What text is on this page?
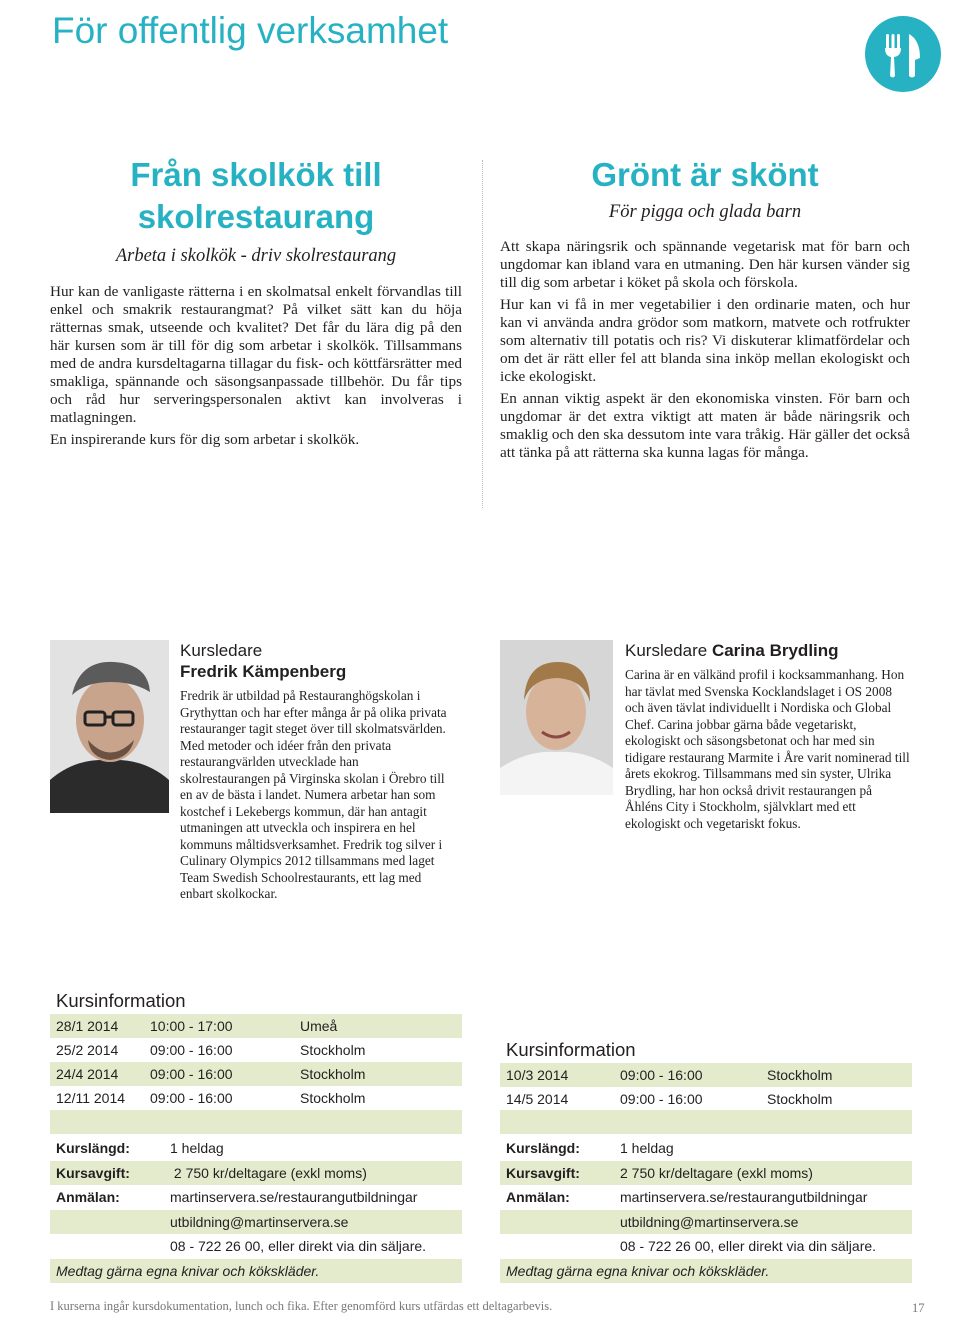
För offentlig verksamhet
Från skolkök till
skolrestaurang
Arbeta i skolkök - driv skolrestaurang

Hur kan de vanligaste rätterna i en skolmatsal enkelt förvandlas till enkel och smakrik restaurangmat? På vilket sätt kan du höja rätternas smak, utseende och kvalitet? Det får du lära dig på den här kursen som är till för dig som arbetar i skolkök. Tillsammans med de andra kursdeltagarna tillagar du fisk- och köttfärsrätter med smakliga, spännande och säsongsanpassade tillbehör. Du får tips och råd hur serveringspersonalen aktivt kan involveras i matlagningen.

En inspirerande kurs för dig som arbetar i skolkök.

Grönt är skönt
För pigga och glada barn

Att skapa näringsrik och spännande vegetarisk mat för barn och ungdomar kan ibland vara en utmaning. Den här kursen vänder sig till dig som arbetar i köket på skola och förskola.

Hur kan vi få in mer vegetabilier i den ordinarie maten, och hur kan vi använda andra grödor som matkorn, matvete och rotfrukter som alternativ till potatis och ris? Vi diskuterar klimatfördelar och om det är rätt eller fel att blanda sina inköp mellan ekologiskt och icke ekologiskt.

En annan viktig aspekt är den ekonomiska vinsten. För barn och ungdomar är det extra viktigt att maten är både näringsrik och smaklig och den ska dessutom inte vara tråkig. Här gäller det också att tänka på att rätterna ska kunna lagas för många.

Kursledare
Fredrik Kämpenberg
Fredrik är utbildad på Restauranghögskolan i Grythyttan och har efter många år på olika privata restauranger tagit steget över till skolmatsvärlden. Med metoder och idéer från den privata restaurangvärlden utvecklade han skolrestaurangen på Virginska skolan i Örebro till en av de bästa i landet. Numera arbetar han som kostchef i Lekebergs kommun, där han antagit utmaningen att utveckla och inspirera en hel kommuns måltidsverksamhet. Fredrik tog silver i Culinary Olympics 2012 tillsammans med laget Team Swedish Schoolrestaurants, ett lag med enbart skolkockar.
Kursledare Carina Brydling
Carina är en välkänd profil i kocksammanhang. Hon har tävlat med Svenska Kocklandslaget i OS 2008 och även tävlat individuellt i Nordiska och Global Chef. Carina jobbar gärna både vegetariskt, ekologiskt och säsongsbetonat och har med sin tidigare restaurang Marmite i Åre varit nominerad till årets ekokrog. Tillsammans med sin syster, Ulrika Brydling, har hon också drivit restaurangen på Åhléns City i Stockholm, självklart med ett ekologiskt och vegetariskt fokus.
Kursinformation
28/1 2014	10:00 - 17:00	Umeå
25/2 2014	09:00 - 16:00	Stockholm
24/4 2014	09:00 - 16:00	Stockholm
12/11 2014	09:00 - 16:00	Stockholm
Kurslängd:	1 heldag
Kursavgift:	2 750 kr/deltagare (exkl moms)
Anmälan:	martinservera.se/restaurangutbildningar
utbildning@martinservera.se
08 - 722 26 00, eller direkt via din säljare.
Medtag gärna egna knivar och kökskläder.
Kursinformation
10/3 2014	09:00 - 16:00	Stockholm
14/5 2014	09:00 - 16:00	Stockholm
Kurslängd:	1 heldag
Kursavgift:	2 750 kr/deltagare (exkl moms)
Anmälan:	martinservera.se/restaurangutbildningar
utbildning@martinservera.se
08 - 722 26 00, eller direkt via din säljare.
Medtag gärna egna knivar och kökskläder.
I kurserna ingår kursdokumentation, lunch och fika. Efter genomförd kurs utfärdas ett deltagarbevis.	17
